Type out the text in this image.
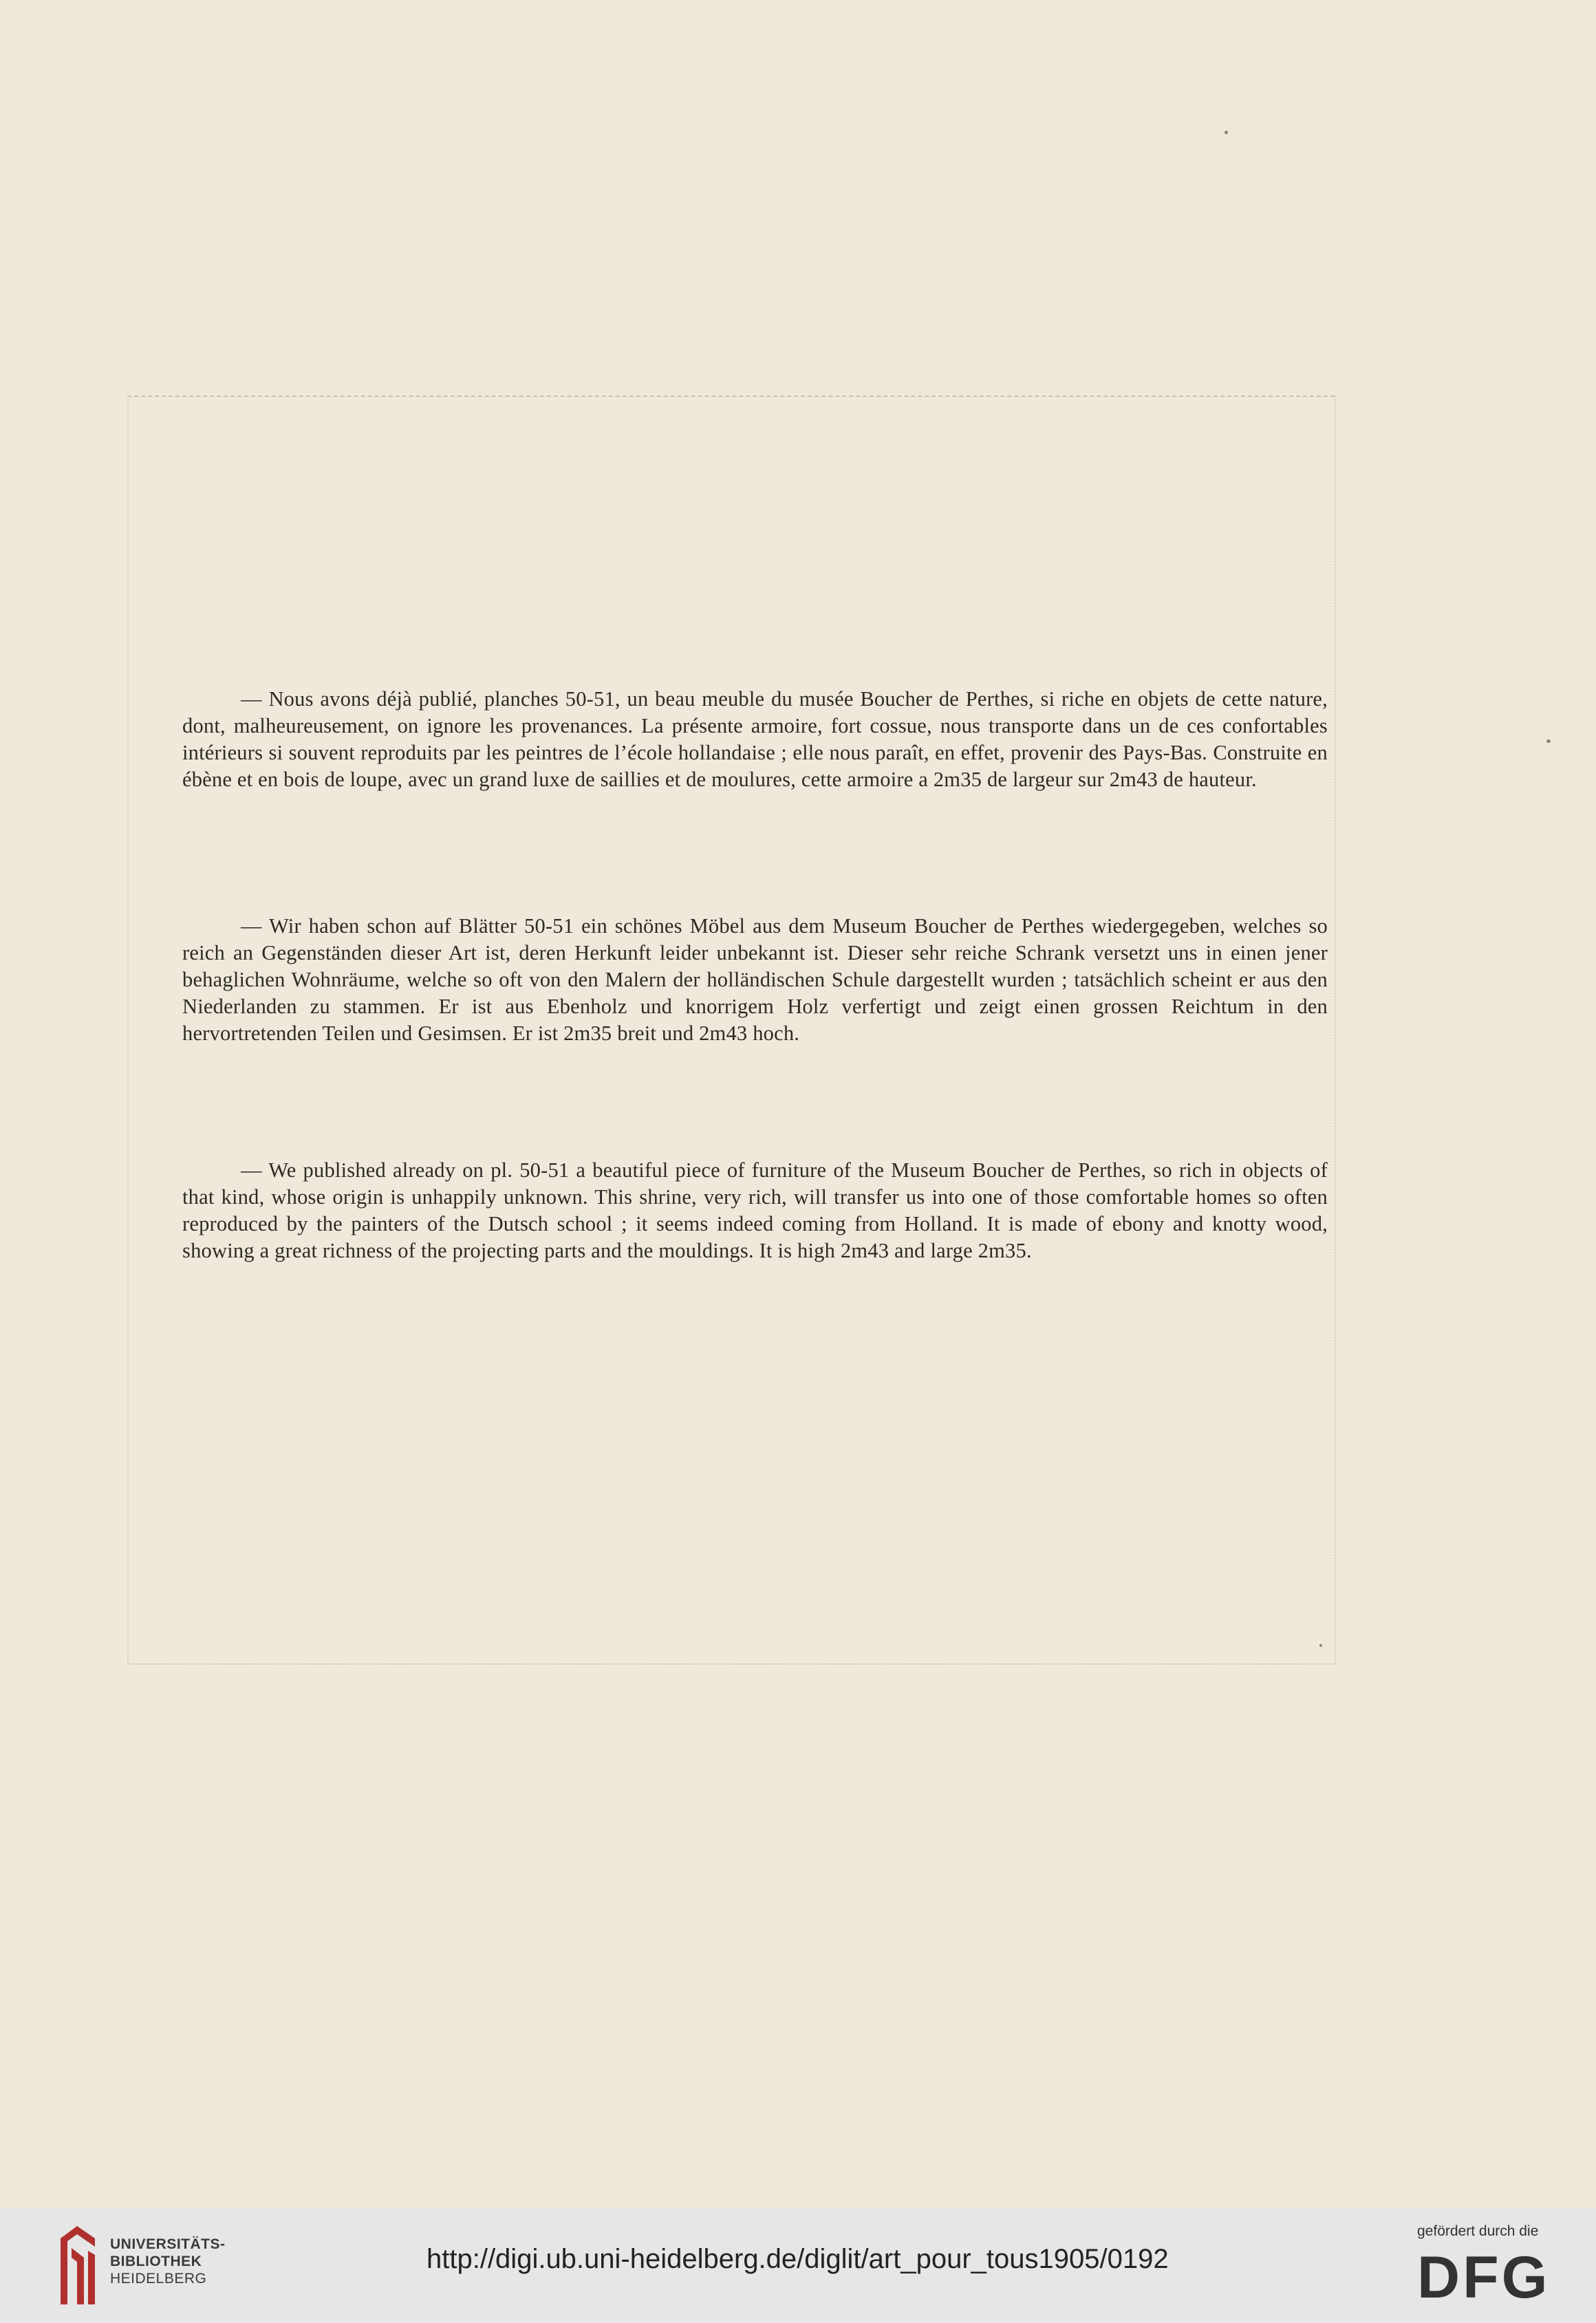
— Nous avons déjà publié, planches 50-51, un beau meuble du musée Boucher de Perthes, si riche en objets de cette nature, dont, malheureusement, on ignore les provenances. La présente armoire, fort cossue, nous transporte dans un de ces confortables intérieurs si souvent reproduits par les peintres de l’école hollandaise ; elle nous paraît, en effet, provenir des Pays-Bas. Construite en ébène et en bois de loupe, avec un grand luxe de saillies et de moulures, cette armoire a 2m35 de largeur sur 2m43 de hauteur.

— Wir haben schon auf Blätter 50-51 ein schönes Möbel aus dem Museum Boucher de Perthes wiedergegeben, welches so reich an Gegenständen dieser Art ist, deren Herkunft leider unbekannt ist. Dieser sehr reiche Schrank versetzt uns in einen jener behaglichen Wohnräume, welche so oft von den Malern der holländischen Schule dargestellt wurden ; tatsächlich scheint er aus den Niederlanden zu stammen. Er ist aus Ebenholz und knorrigem Holz verfertigt und zeigt einen grossen Reichtum in den hervortretenden Teilen und Gesimsen. Er ist 2m35 breit und 2m43 hoch.

— We published already on pl. 50-51 a beautiful piece of furniture of the Museum Boucher de Perthes, so rich in objects of that kind, whose origin is unhappily unknown. This shrine, very rich, will transfer us into one of those comfortable homes so often reproduced by the painters of the Dutsch school ; it seems indeed coming from Holland. It is made of ebony and knotty wood, showing a great richness of the projecting parts and the mouldings. It is high 2m43 and large 2m35.

UNIVERSITÄTS-
BIBLIOTHEK
HEIDELBERG
http://digi.ub.uni-heidelberg.de/diglit/art_pour_tous1905/0192
gefördert durch die
DFG
